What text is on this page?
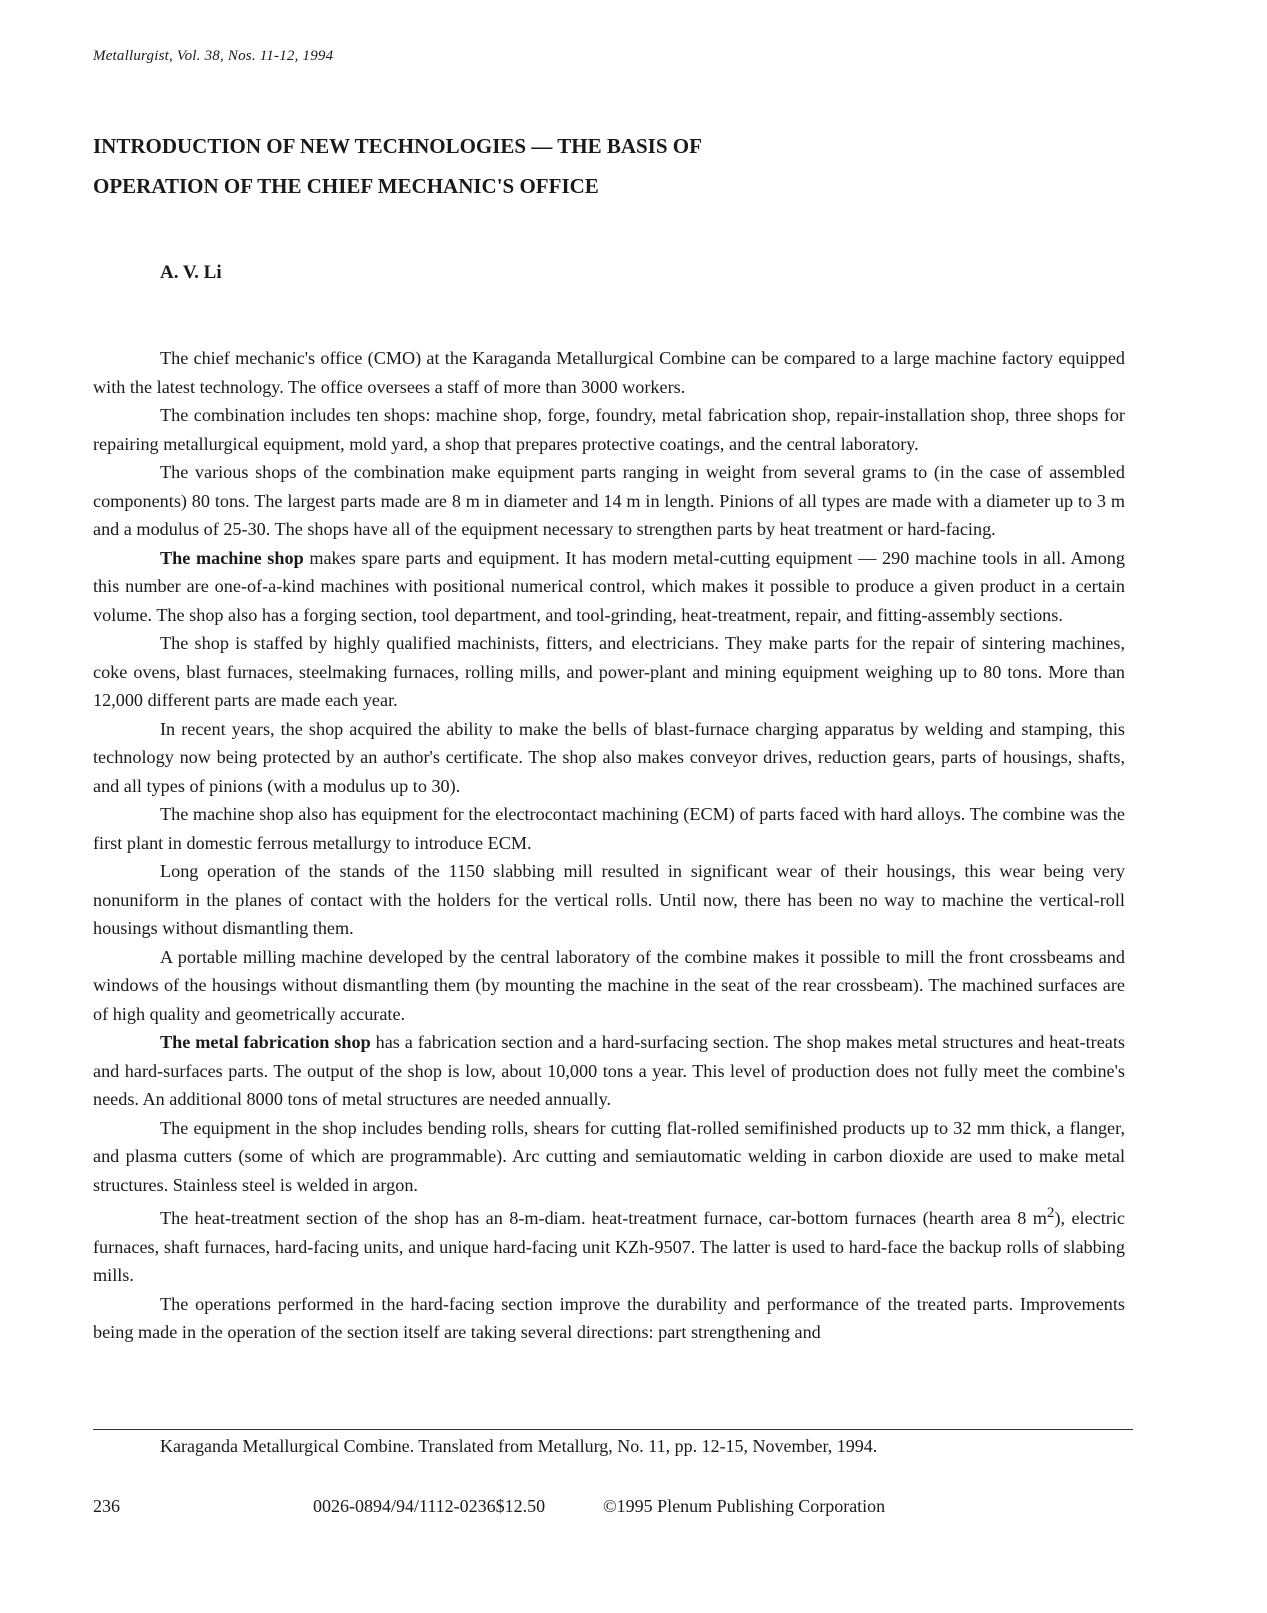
Metallurgist, Vol. 38, Nos. 11-12, 1994
INTRODUCTION OF NEW TECHNOLOGIES — THE BASIS OF
OPERATION OF THE CHIEF MECHANIC'S OFFICE
A. V. Li

The chief mechanic's office (CMO) at the Karaganda Metallurgical Combine can be compared to a large machine factory equipped with the latest technology. The office oversees a staff of more than 3000 workers.

The combination includes ten shops: machine shop, forge, foundry, metal fabrication shop, repair-installation shop, three shops for repairing metallurgical equipment, mold yard, a shop that prepares protective coatings, and the central laboratory.

The various shops of the combination make equipment parts ranging in weight from several grams to (in the case of assembled components) 80 tons. The largest parts made are 8 m in diameter and 14 m in length. Pinions of all types are made with a diameter up to 3 m and a modulus of 25-30. The shops have all of the equipment necessary to strengthen parts by heat treatment or hard-facing.

The machine shop makes spare parts and equipment. It has modern metal-cutting equipment — 290 machine tools in all. Among this number are one-of-a-kind machines with positional numerical control, which makes it possible to produce a given product in a certain volume. The shop also has a forging section, tool department, and tool-grinding, heat-treatment, repair, and fitting-assembly sections.

The shop is staffed by highly qualified machinists, fitters, and electricians. They make parts for the repair of sintering machines, coke ovens, blast furnaces, steelmaking furnaces, rolling mills, and power-plant and mining equipment weighing up to 80 tons. More than 12,000 different parts are made each year.

In recent years, the shop acquired the ability to make the bells of blast-furnace charging apparatus by welding and stamping, this technology now being protected by an author's certificate. The shop also makes conveyor drives, reduction gears, parts of housings, shafts, and all types of pinions (with a modulus up to 30).

The machine shop also has equipment for the electrocontact machining (ECM) of parts faced with hard alloys. The combine was the first plant in domestic ferrous metallurgy to introduce ECM.

Long operation of the stands of the 1150 slabbing mill resulted in significant wear of their housings, this wear being very nonuniform in the planes of contact with the holders for the vertical rolls. Until now, there has been no way to machine the vertical-roll housings without dismantling them.

A portable milling machine developed by the central laboratory of the combine makes it possible to mill the front crossbeams and windows of the housings without dismantling them (by mounting the machine in the seat of the rear crossbeam). The machined surfaces are of high quality and geometrically accurate.

The metal fabrication shop has a fabrication section and a hard-surfacing section. The shop makes metal structures and heat-treats and hard-surfaces parts. The output of the shop is low, about 10,000 tons a year. This level of production does not fully meet the combine's needs. An additional 8000 tons of metal structures are needed annually.

The equipment in the shop includes bending rolls, shears for cutting flat-rolled semifinished products up to 32 mm thick, a flanger, and plasma cutters (some of which are programmable). Arc cutting and semiautomatic welding in carbon dioxide are used to make metal structures. Stainless steel is welded in argon.

The heat-treatment section of the shop has an 8-m-diam. heat-treatment furnace, car-bottom furnaces (hearth area 8 $m^2$), electric furnaces, shaft furnaces, hard-facing units, and unique hard-facing unit KZh-9507. The latter is used to hard-face the backup rolls of slabbing mills.

The operations performed in the hard-facing section improve the durability and performance of the treated parts. Improvements being made in the operation of the section itself are taking several directions: part strengthening and

Karaganda Metallurgical Combine. Translated from Metallurg, No. 11, pp. 12-15, November, 1994.
236	0026-0894/94/1112-0236$12.50	©1995 Plenum Publishing Corporation
